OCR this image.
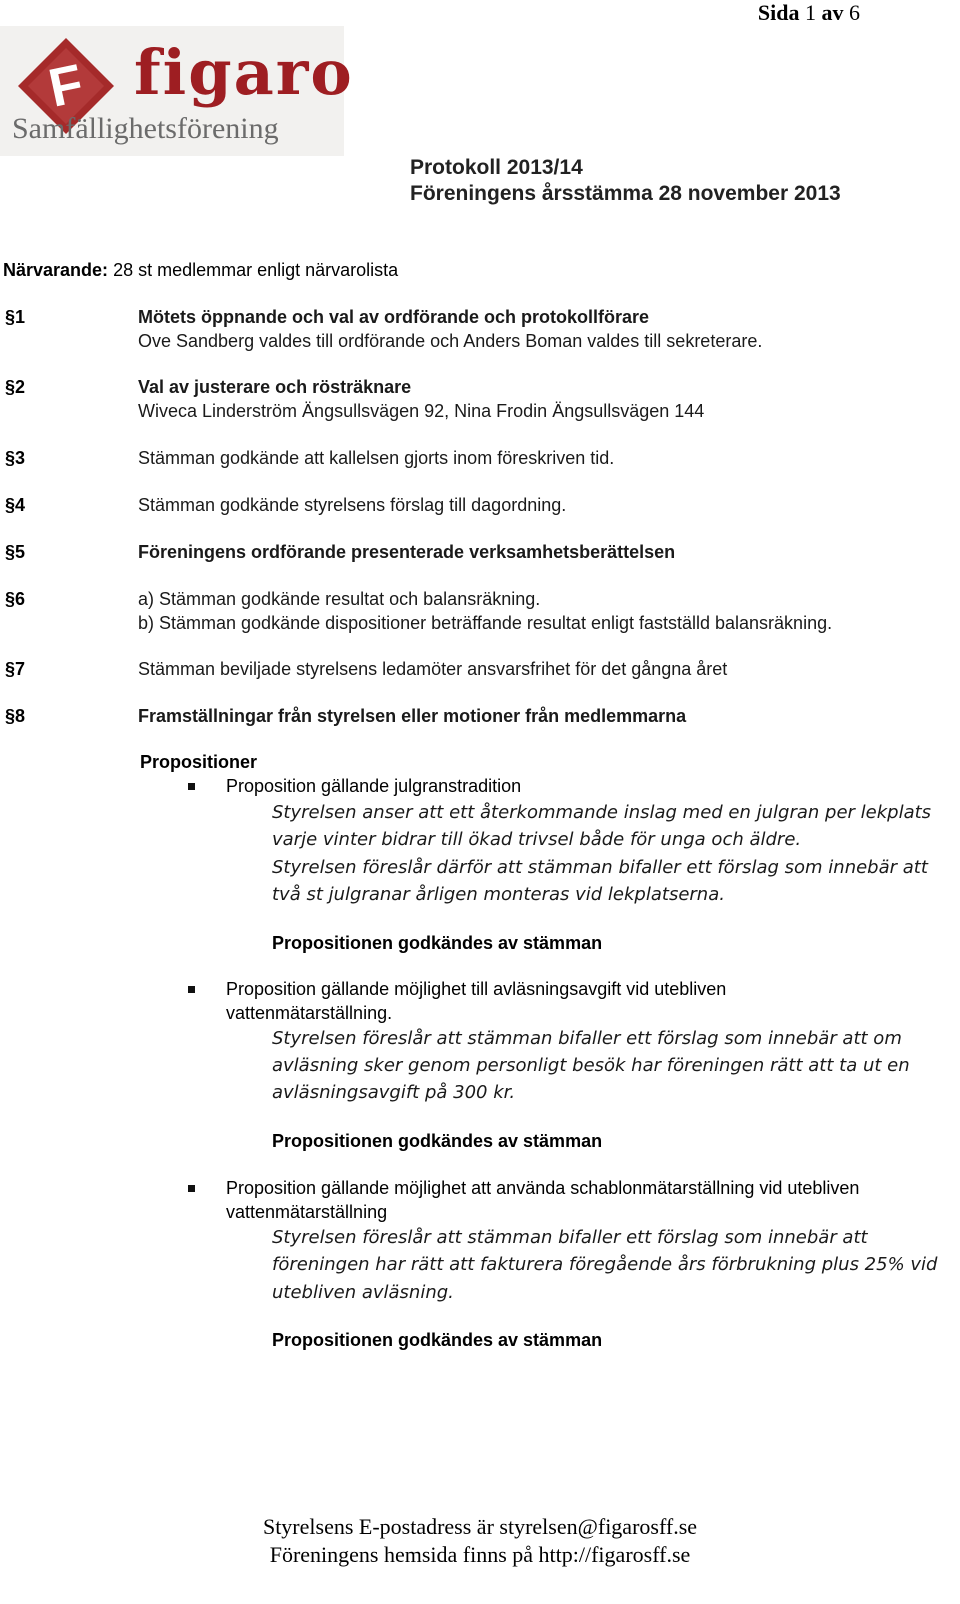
Sida 1 av 6
F figaro
Samfällighetsförening
Protokoll 2013/14
Föreningens årsstämma 28 november 2013
Närvarande: 28 st medlemmar enligt närvarolista
§1	Mötets öppnande och val av ordförande och protokollförare
Ove Sandberg valdes till ordförande och Anders Boman valdes till sekreterare.
§2	Val av justerare och rösträknare
Wiveca Linderström Ängsullsvägen 92, Nina Frodin Ängsullsvägen 144
§3	Stämman godkände att kallelsen gjorts inom föreskriven tid.
§4	Stämman godkände styrelsens förslag till dagordning.
§5	Föreningens ordförande presenterade verksamhetsberättelsen
§6	a) Stämman godkände resultat och balansräkning.
b) Stämman godkände dispositioner beträffande resultat enligt fastställd balansräkning.
§7	Stämman beviljade styrelsens ledamöter ansvarsfrihet för det gångna året
§8	Framställningar från styrelsen eller motioner från medlemmarna
Propositioner
Proposition gällande julgranstradition
Styrelsen anser att ett återkommande inslag med en julgran per lekplats
varje vinter bidrar till ökad trivsel både för unga och äldre.
Styrelsen föreslår därför att stämman bifaller ett förslag som innebär att
två st julgranar årligen monteras vid lekplatserna.
Propositionen godkändes av stämman
Proposition gällande möjlighet till avläsningsavgift vid utebliven
vattenmätarställning.
Styrelsen föreslår att stämman bifaller ett förslag som innebär att om
avläsning sker genom personligt besök har föreningen rätt att ta ut en
avläsningsavgift på 300 kr.
Propositionen godkändes av stämman
Proposition gällande möjlighet att använda schablonmätarställning vid utebliven
vattenmätarställning
Styrelsen föreslår att stämman bifaller ett förslag som innebär att
föreningen har rätt att fakturera föregående års förbrukning plus 25% vid
utebliven avläsning.
Propositionen godkändes av stämman
Styrelsens E-postadress är styrelsen@figarosff.se
Föreningens hemsida finns på http://figarosff.se
